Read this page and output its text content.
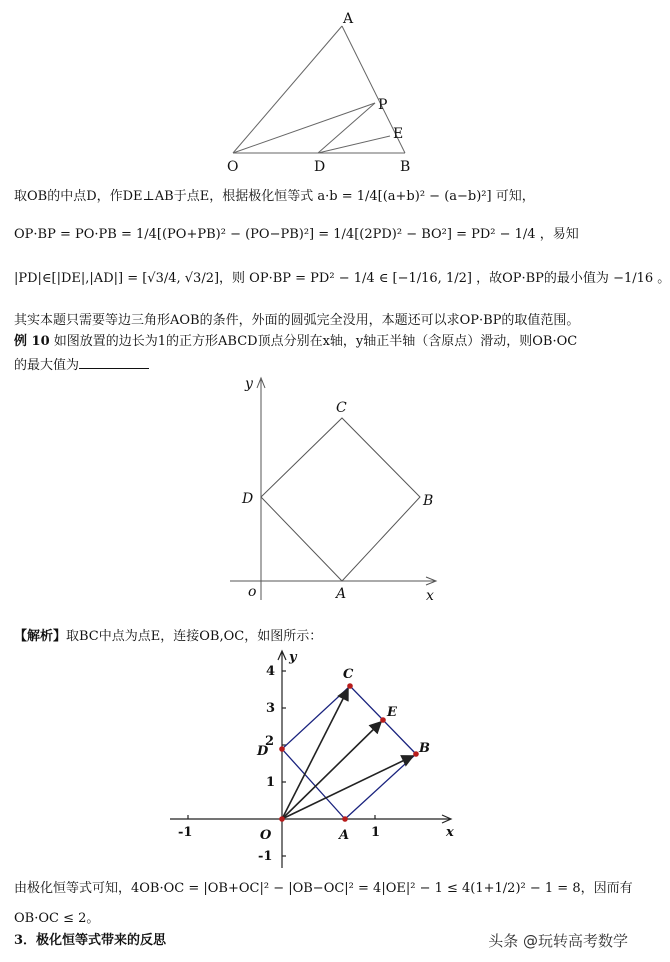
A
P
E
O	D	B
取OB的中点D，作DE⊥AB于点E，根据极化恒等式 a·b = 1/4[(a+b)² − (a−b)²] 可知，
OP·BP = PO·PB = 1/4[(PO+PB)² − (PO−PB)²] = 1/4[(2PD)² − BO²] = PD² − 1/4 ，易知
|PD|∈[|DE|,|AD|] = [√3/4, √3/2]，则 OP·BP = PD² − 1/4 ∈ [−1/16, 1/2] ，故OP·BP的最小值为 −1/16 。
其实本题只需要等边三角形AOB的条件，外面的圆弧完全没用，本题还可以求OP·BP的取值范围。
例 10 如图放置的边长为1的正方形ABCD顶点分别在x轴，y轴正半轴（含原点）滑动，则OB·OC
的最大值为
y
x
o	A
B
C
D
【解析】取BC中点为点E，连接OB,OC，如图所示：
y
x
O	A
B
C
D
2
E
-1	1
4
3
1
-1
由极化恒等式可知，4OB·OC = |OB+OC|² − |OB−OC|² = 4|OE|² − 1 ≤ 4(1+1/2)² − 1 = 8，因而有
OB·OC ≤ 2。
3．极化恒等式带来的反思	头条 @玩转高考数学
